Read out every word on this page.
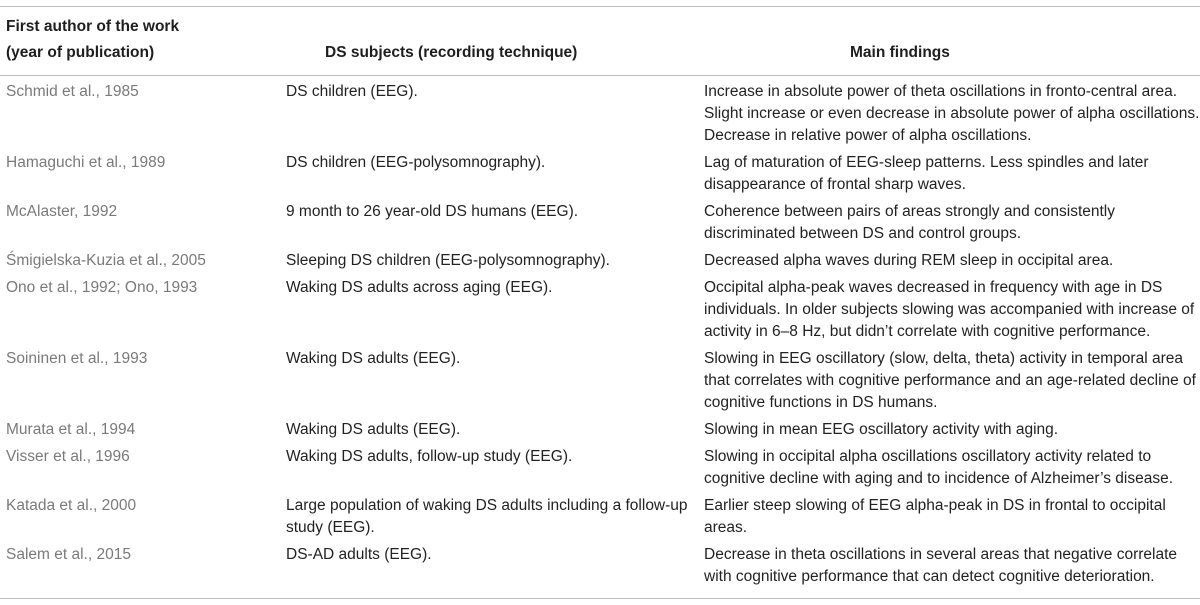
First author of the work
(year of publication)	DS subjects (recording technique)	Main findings
Schmid et al., 1985	DS children (EEG).	Increase in absolute power of theta oscillations in fronto-central area. Slight increase or even decrease in absolute power of alpha oscillations. Decrease in relative power of alpha oscillations.
Hamaguchi et al., 1989	DS children (EEG-polysomnography).	Lag of maturation of EEG-sleep patterns. Less spindles and later disappearance of frontal sharp waves.
McAlaster, 1992	9 month to 26 year-old DS humans (EEG).	Coherence between pairs of areas strongly and consistently discriminated between DS and control groups.
Śmigielska-Kuzia et al., 2005	Sleeping DS children (EEG-polysomnography).	Decreased alpha waves during REM sleep in occipital area.
Ono et al., 1992; Ono, 1993	Waking DS adults across aging (EEG).	Occipital alpha-peak waves decreased in frequency with age in DS individuals. In older subjects slowing was accompanied with increase of activity in 6–8 Hz, but didn’t correlate with cognitive performance.
Soininen et al., 1993	Waking DS adults (EEG).	Slowing in EEG oscillatory (slow, delta, theta) activity in temporal area that correlates with cognitive performance and an age-related decline of cognitive functions in DS humans.
Murata et al., 1994	Waking DS adults (EEG).	Slowing in mean EEG oscillatory activity with aging.
Visser et al., 1996	Waking DS adults, follow-up study (EEG).	Slowing in occipital alpha oscillations oscillatory activity related to cognitive decline with aging and to incidence of Alzheimer’s disease.
Katada et al., 2000	Large population of waking DS adults including a follow-up study (EEG).	Earlier steep slowing of EEG alpha-peak in DS in frontal to occipital areas.
Salem et al., 2015	DS-AD adults (EEG).	Decrease in theta oscillations in several areas that negative correlate with cognitive performance that can detect cognitive deterioration.
